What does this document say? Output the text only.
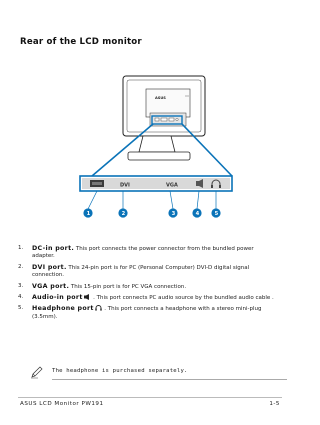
Rear of the LCD monitor
ASUS
DVI	VGA
1	2	3	4	5
1. DC-in port. This port connects the power connector from the bundled power adapter.
2. DVI port. This 24-pin port is for PC (Personal Computer) DVI-D digital signal connection.
3. VGA port. This 15-pin port is for PC VGA connection.
4. Audio-in port . This port connects PC audio source by the bundled audio cable .
5. Headphone port . This port connects a headphone with a stereo mini-plug (3.5mm).
The headphone is purchased separately.
ASUS LCD Monitor PW191	1-5
